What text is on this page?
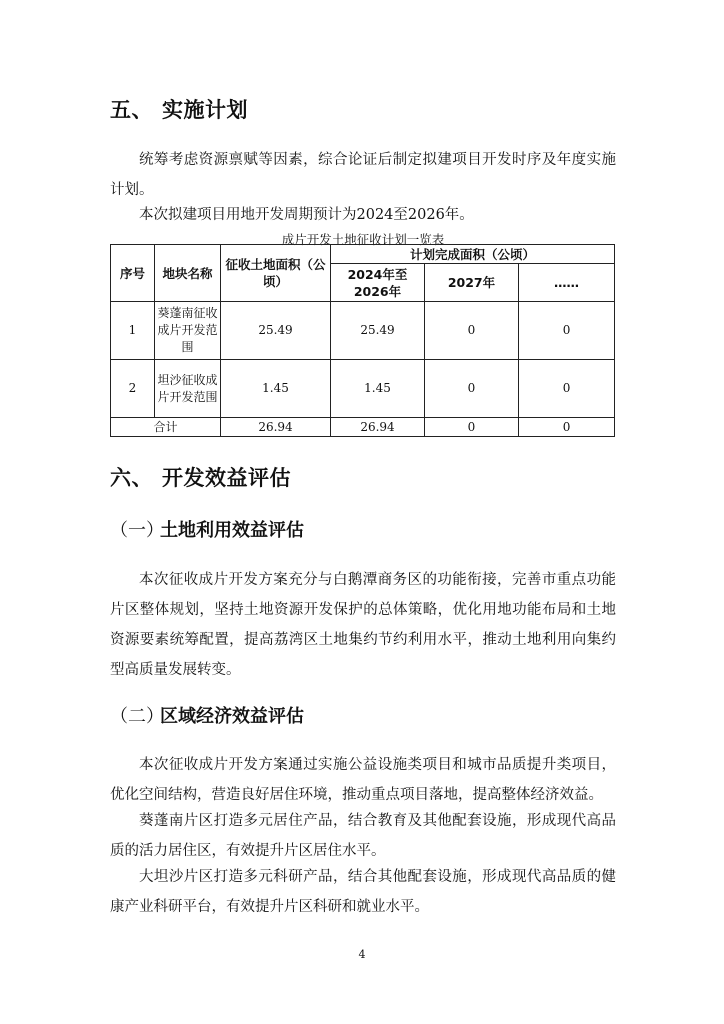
五、 实施计划
统筹考虑资源禀赋等因素，综合论证后制定拟建项目开发时序及年度实施计划。
本次拟建项目用地开发周期预计为2024至2026年。
成片开发土地征收计划一览表
序号	地块名称	征收土地面积（公顷）	计划完成面积（公顷）		
			2024年至2026年	2027年	……
1	葵蓬南征收成片开发范围	25.49	25.49	0	0
2	坦沙征收成片开发范围	1.45	1.45	0	0
合计		26.94	26.94	0	0
六、 开发效益评估
（一）土地利用效益评估
本次征收成片开发方案充分与白鹅潭商务区的功能衔接，完善市重点功能片区整体规划，坚持土地资源开发保护的总体策略，优化用地功能布局和土地资源要素统筹配置，提高荔湾区土地集约节约利用水平，推动土地利用向集约型高质量发展转变。
（二）区域经济效益评估
本次征收成片开发方案通过实施公益设施类项目和城市品质提升类项目，优化空间结构，营造良好居住环境，推动重点项目落地，提高整体经济效益。
葵蓬南片区打造多元居住产品，结合教育及其他配套设施，形成现代高品质的活力居住区，有效提升片区居住水平。
大坦沙片区打造多元科研产品，结合其他配套设施，形成现代高品质的健康产业科研平台，有效提升片区科研和就业水平。
4
